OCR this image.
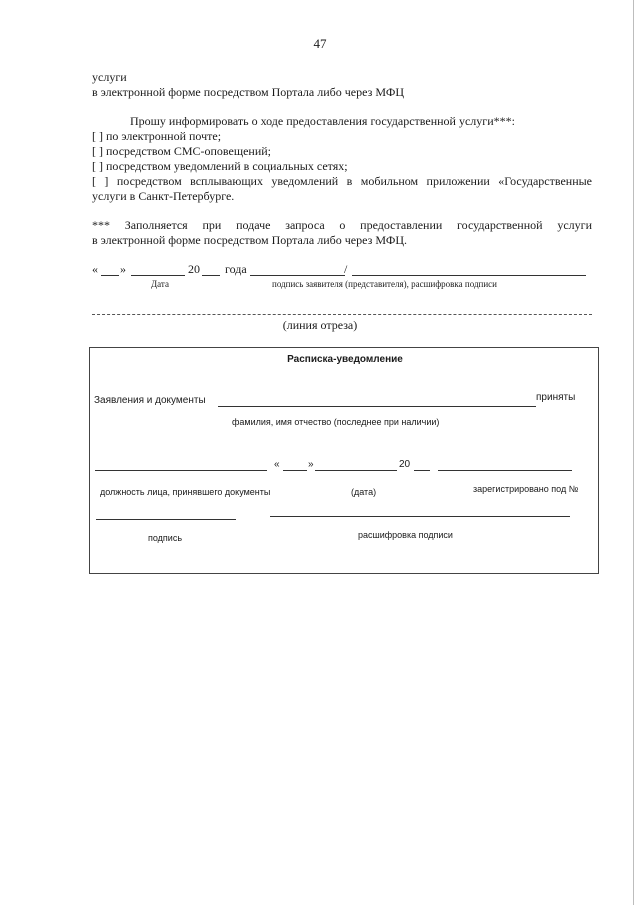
47
услуги
в электронной форме посредством Портала либо через МФЦ
Прошу информировать о ходе предоставления государственной услуги***:
[ ] по электронной почте;
[ ] посредством СМС-оповещений;
[ ] посредством уведомлений в социальных сетях;
[ ] посредством всплывающих уведомлений в мобильном приложении «Государственные
услуги в Санкт-Петербурге.
*** Заполняется при подаче запроса о предоставлении государственной услуги
в электронной форме посредством Портала либо через МФЦ.
« »	20 года	/
Дата	подпись заявителя (представителя), расшифровка подписи
(линия отреза)
Расписка-уведомление
Заявления и документы	приняты
фамилия, имя отчество (последнее при наличии)
«	»	20
должность лица, принявшего документы	(дата)	зарегистрировано под №
подпись	расшифровка подписи
